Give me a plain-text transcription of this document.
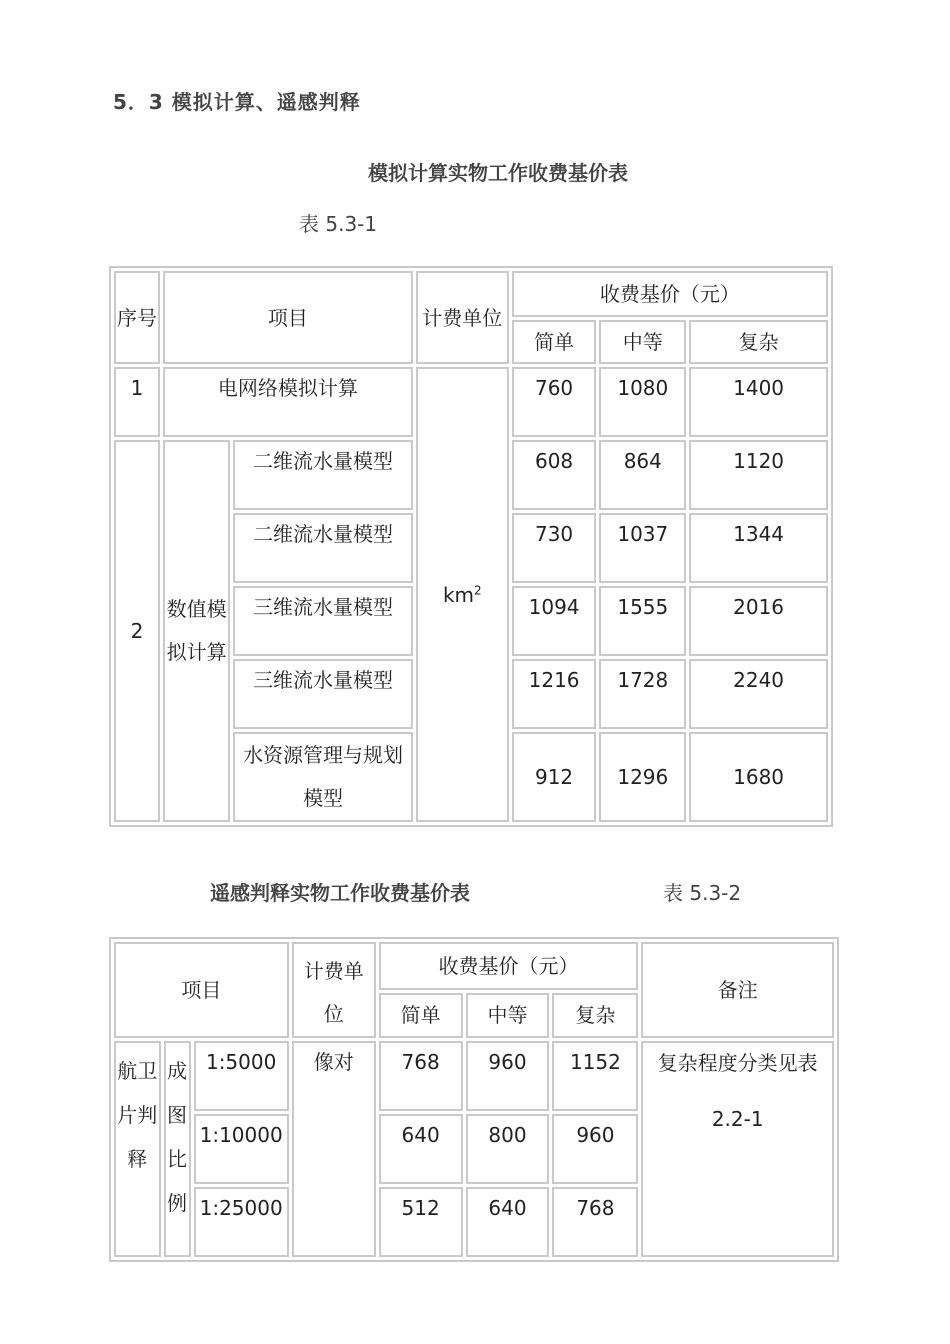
5．3 模拟计算、遥感判释
模拟计算实物工作收费基价表
表 5.3-1
序号	项目		计费单位	收费基价（元）		
				简单	中等	复杂
1	电网络模拟计算		$km^2$	760	1080	1400
2	数值模拟计算	二维流水量模型		608	864	1120
		二维流水量模型		730	1037	1344
		三维流水量模型		1094	1555	2016
		三维流水量模型		1216	1728	2240

		水资源管理与规划模型		912	1296	1680
遥感判释实物工作收费基价表	表 5.3-2
项目			计费单位	收费基价（元）			备注
				简单	中等	复杂	

航卫片判释	成图比例	1:5000	像对	768	960	1152	复杂程度分类见表 2.2-1

		1:10000		640	800	960	
		1:25000		512	640	768	
